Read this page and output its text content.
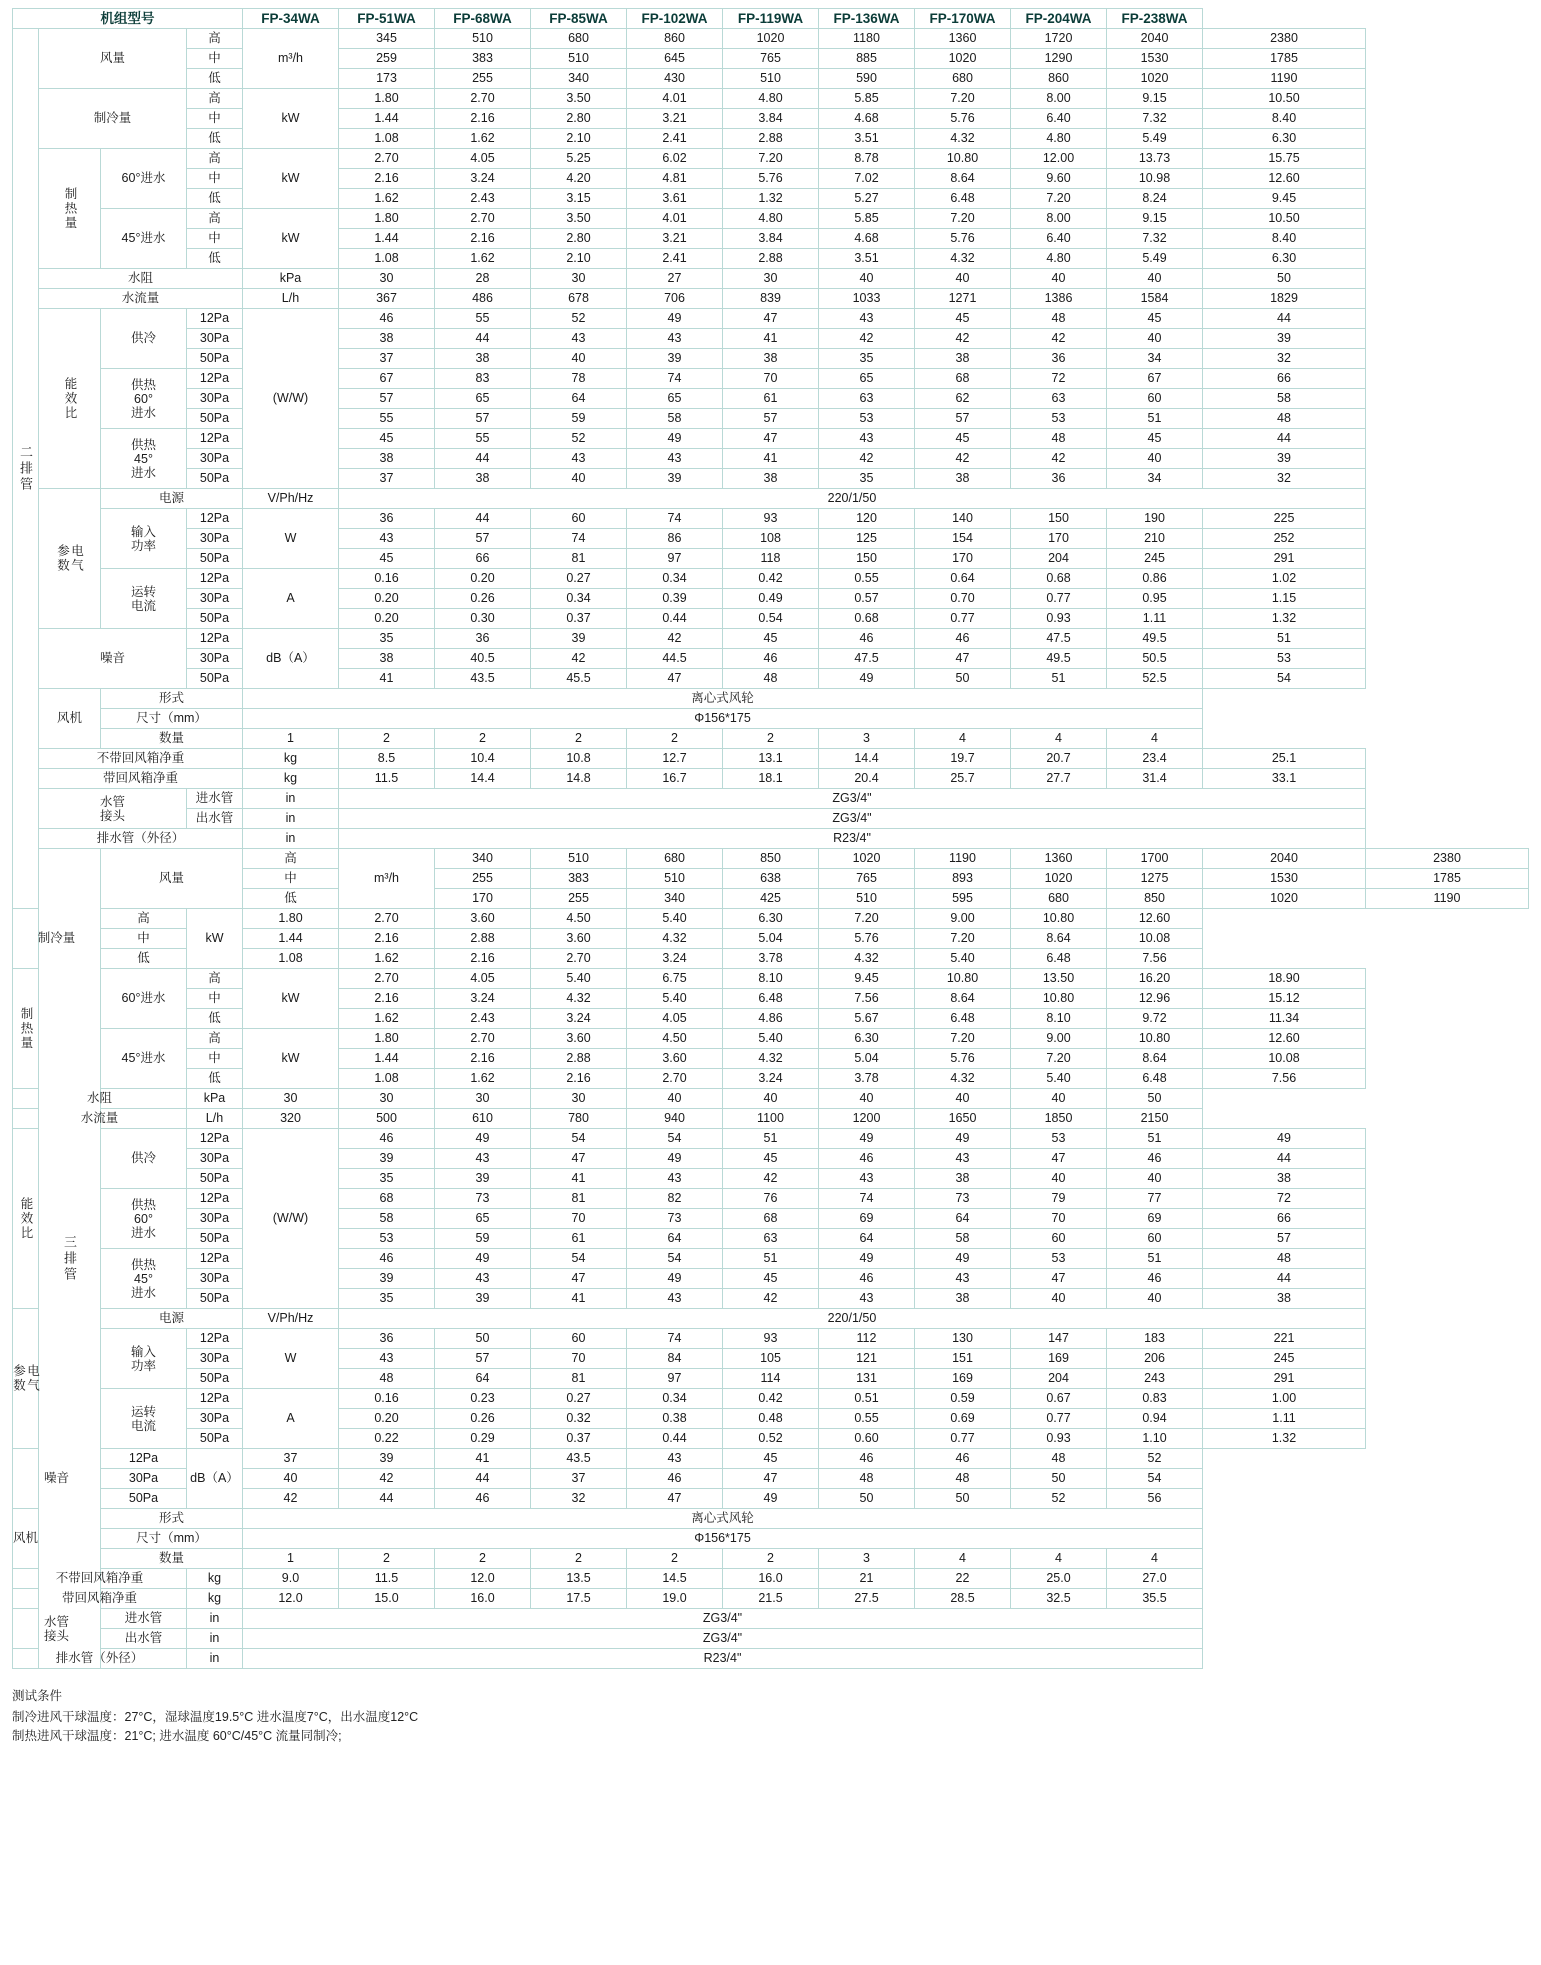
机组型号				FP-34WA	FP-51WA	FP-68WA	FP-85WA	FP-102WA	FP-119WA	FP-136WA	FP-170WA	FP-204WA	FP-238WA		
二排管	风量		高	m³/h	345	510	680	860	1020	1180	1360	1720	2040	2380	
			中		259	383	510	645	765	885	1020	1290	1530	1785	
			低		173	255	340	430	510	590	680	860	1020	1190	
	制冷量		高	kW	1.80	2.70	3.50	4.01	4.80	5.85	7.20	8.00	9.15	10.50	
			中		1.44	2.16	2.80	3.21	3.84	4.68	5.76	6.40	7.32	8.40	
			低		1.08	1.62	2.10	2.41	2.88	3.51	4.32	4.80	5.49	6.30	
	制热量	60°进水	高	kW	2.70	4.05	5.25	6.02	7.20	8.78	10.80	12.00	13.73	15.75	
			中		2.16	3.24	4.20	4.81	5.76	7.02	8.64	9.60	10.98	12.60	
			低		1.62	2.43	3.15	3.61	1.32	5.27	6.48	7.20	8.24	9.45	
		45°进水	高	kW	1.80	2.70	3.50	4.01	4.80	5.85	7.20	8.00	9.15	10.50	
			中		1.44	2.16	2.80	3.21	3.84	4.68	5.76	6.40	7.32	8.40	
			低		1.08	1.62	2.10	2.41	2.88	3.51	4.32	4.80	5.49	6.30	
	水阻			kPa	30	28	30	27	30	40	40	40	40	50	
	水流量			L/h	367	486	678	706	839	1033	1271	1386	1584	1829	
	能效比	供冷	12Pa	(W/W)	46	55	52	49	47	43	45	48	45	44	
			30Pa		38	44	43	43	41	42	42	42	40	39	
			50Pa		37	38	40	39	38	35	38	36	34	32	

		供热
60°
进水	12Pa		67	83	78	74	70	65	68	72	67	66	
			30Pa		57	65	64	65	61	63	62	63	60	58	
			50Pa		55	57	59	58	57	53	57	53	51	48	

		供热
45°
进水	12Pa		45	55	52	49	47	43	45	48	45	44	
			30Pa		38	44	43	43	41	42	42	42	40	39	
			50Pa		37	38	40	39	38	35	38	36	34	32	

	电气
参数	电源		V/Ph/Hz	220/1/50										

		输入
功率	12Pa	W	36	44	60	74	93	120	140	150	190	225	
			30Pa		43	57	74	86	108	125	154	170	210	252	
			50Pa		45	66	81	97	118	150	170	204	245	291	

		运转
电流	12Pa	A	0.16	0.20	0.27	0.34	0.42	0.55	0.64	0.68	0.86	1.02	
			30Pa		0.20	0.26	0.34	0.39	0.49	0.57	0.70	0.77	0.95	1.15	
			50Pa		0.20	0.30	0.37	0.44	0.54	0.68	0.77	0.93	1.11	1.32	
	噪音		12Pa	dB（A）	35	36	39	42	45	46	46	47.5	49.5	51	
			30Pa		38	40.5	42	44.5	46	47.5	47	49.5	50.5	53	
			50Pa		41	43.5	45.5	47	48	49	50	51	52.5	54	
	风机	形式		离心式风轮											
		尺寸（mm）		Φ156*175											
		数量		1	2	2	2	2	2	3	4	4	4		
	不带回风箱净重			kg	8.5	10.4	10.8	12.7	13.1	14.4	19.7	20.7	23.4	25.1	
	带回风箱净重			kg	11.5	14.4	14.8	16.7	18.1	20.4	25.7	27.7	31.4	33.1	

	水管
接头		进水管	in	ZG3/4"										
			出水管	in	ZG3/4"										
	排水管（外径）			in	R23/4"										
	三排管	风量		高	m³/h	340	510	680	850	1020	1190	1360	1700	2040	2380
				中		255	383	510	638	765	893	1020	1275	1530	1785
				低		170	255	340	425	510	595	680	850	1020	1190
制冷量		高	kW	1.80	2.70	3.60	4.50	5.40	6.30	7.20	9.00	10.80	12.60		
		中		1.44	2.16	2.88	3.60	4.32	5.04	5.76	7.20	8.64	10.08		
		低		1.08	1.62	2.16	2.70	3.24	3.78	4.32	5.40	6.48	7.56		
制热量		60°进水	高	kW	2.70	4.05	5.40	6.75	8.10	9.45	10.80	13.50	16.20	18.90	
			中		2.16	3.24	4.32	5.40	6.48	7.56	8.64	10.80	12.96	15.12	
			低		1.62	2.43	3.24	4.05	4.86	5.67	6.48	8.10	9.72	11.34	
		45°进水	高	kW	1.80	2.70	3.60	4.50	5.40	6.30	7.20	9.00	10.80	12.60	
			中		1.44	2.16	2.88	3.60	4.32	5.04	5.76	7.20	8.64	10.08	
			低		1.08	1.62	2.16	2.70	3.24	3.78	4.32	5.40	6.48	7.56	
水阻			kPa	30	30	30	30	40	40	40	40	40	50		
水流量			L/h	320	500	610	780	940	1100	1200	1650	1850	2150		
能效比		供冷	12Pa	(W/W)	46	49	54	54	51	49	49	53	51	49	
			30Pa		39	43	47	49	45	46	43	47	46	44	
			50Pa		35	39	41	43	42	43	38	40	40	38	

		供热
60°
进水	12Pa		68	73	81	82	76	74	73	79	77	72	
			30Pa		58	65	70	73	68	69	64	70	69	66	
			50Pa		53	59	61	64	63	64	58	60	60	57	

		供热
45°
进水	12Pa		46	49	54	54	51	49	49	53	51	48	
			30Pa		39	43	47	49	45	46	43	47	46	44	
			50Pa		35	39	41	43	42	43	38	40	40	38	

电气
参数		电源		V/Ph/Hz	220/1/50										

		输入
功率	12Pa	W	36	50	60	74	93	112	130	147	183	221	
			30Pa		43	57	70	84	105	121	151	169	206	245	
			50Pa		48	64	81	97	114	131	169	204	243	291	

		运转
电流	12Pa	A	0.16	0.23	0.27	0.34	0.42	0.51	0.59	0.67	0.83	1.00	
			30Pa		0.20	0.26	0.32	0.38	0.48	0.55	0.69	0.77	0.94	1.11	
			50Pa		0.22	0.29	0.37	0.44	0.52	0.60	0.77	0.93	1.10	1.32	
噪音		12Pa	dB（A）	37	39	41	43.5	43	45	46	46	48	52		
		30Pa		40	42	44	37	46	47	48	48	50	54		
		50Pa		42	44	46	32	47	49	50	50	52	56		
风机		形式		离心式风轮											
		尺寸（mm）		Φ156*175											
		数量		1	2	2	2	2	2	3	4	4	4		
不带回风箱净重			kg	9.0	11.5	12.0	13.5	14.5	16.0	21	22	25.0	27.0		
带回风箱净重			kg	12.0	15.0	16.0	17.5	19.0	21.5	27.5	28.5	32.5	35.5		

水管
接头		进水管	in	ZG3/4"											
		出水管	in	ZG3/4"											
排水管（外径）			in	R23/4"											
测试条件
制冷进风干球温度：27°C，湿球温度19.5°C 进水温度7°C，出水温度12°C
制热进风干球温度：21°C; 进水温度 60°C/45°C 流量同制冷;
